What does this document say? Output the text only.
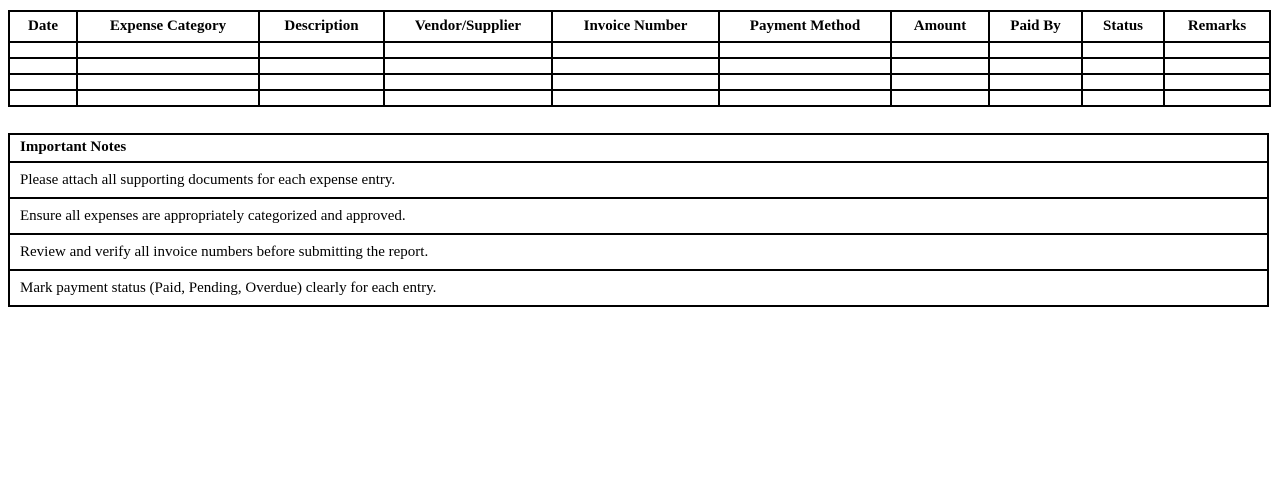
Date	Expense Category	Description	Vendor/Supplier	Invoice Number	Payment Method	Amount	Paid By	Status	Remarks

Important Notes
Please attach all supporting documents for each expense entry.
Ensure all expenses are appropriately categorized and approved.
Review and verify all invoice numbers before submitting the report.
Mark payment status (Paid, Pending, Overdue) clearly for each entry.
